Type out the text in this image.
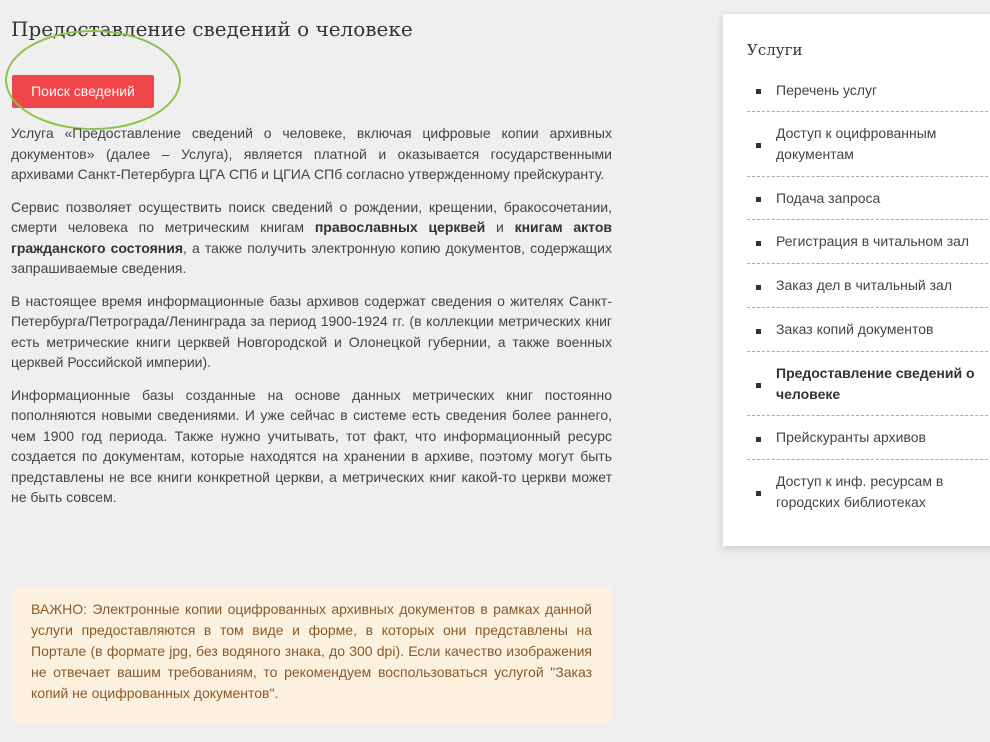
Предоставление сведений о человеке
Поиск сведений

Услуга «Предоставление сведений о человеке, включая цифровые копии архивных документов» (далее – Услуга), является платной и оказывается государственными архивами Санкт-Петербурга ЦГА СПб и ЦГИА СПб согласно утвержденному прейскуранту.

Сервис позволяет осуществить поиск сведений о рождении, крещении, бракосочетании, смерти человека по метрическим книгам православных церквей и книгам актов гражданского состояния, а также получить электронную копию документов, содержащих запрашиваемые сведения.

В настоящее время информационные базы архивов содержат сведения о жителях Санкт-Петербурга/Петрограда/Ленинграда за период 1900-1924 гг. (в коллекции метрических книг есть метрические книги церквей Новгородской и Олонецкой губернии, а также военных церквей Российской империи).

Информационные базы созданные на основе данных метрических книг постоянно пополняются новыми сведениями. И уже сейчас в системе есть сведения более раннего, чем 1900 год периода. Также нужно учитывать, тот факт, что информационный ресурс создается по документам, которые находятся на хранении в архиве, поэтому могут быть представлены не все книги конкретной церкви, а метрических книг какой-то церкви может не быть совсем.

ВАЖНО: Электронные копии оцифрованных архивных документов в рамках данной услуги предоставляются в том виде и форме, в которых они представлены на Портале (в формате jpg, без водяного знака, до 300 dpi). Если качество изображения не отвечает вашим требованиям, то рекомендуем воспользоваться услугой "Заказ копий не оцифрованных документов".
Услуги
Перечень услуг
Доступ к оцифрованным
документам
Подача запроса
Регистрация в читальном зал
Заказ дел в читальный зал
Заказ копий документов
Предоставление сведений о
человеке
Прейскуранты архивов
Доступ к инф. ресурсам в
городских библиотеках
